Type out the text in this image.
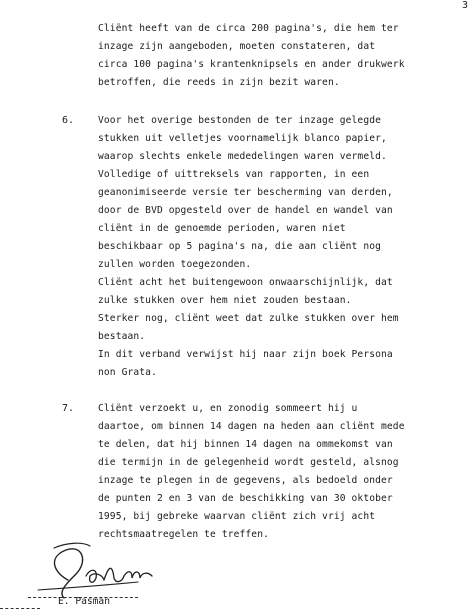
3
Cliënt heeft van de circa 200 pagina's, die hem ter
inzage zijn aangeboden, moeten constateren, dat
circa 100 pagina's krantenknipsels en ander drukwerk
betroffen, die reeds in zijn bezit waren.
6. Voor het overige bestonden de ter inzage gelegde
stukken uit velletjes voornamelijk blanco papier,
waarop slechts enkele mededelingen waren vermeld.
Volledige of uittreksels van rapporten, in een
geanonimiseerde versie ter bescherming van derden,
door de BVD opgesteld over de handel en wandel van
cliënt in de genoemde perioden, waren niet
beschikbaar op 5 pagina's na, die aan cliënt nog
zullen worden toegezonden.
Cliënt acht het buitengewoon onwaarschijnlijk, dat
zulke stukken over hem niet zouden bestaan.
Sterker nog, cliënt weet dat zulke stukken over hem
bestaan.
In dit verband verwijst hij naar zijn boek Persona
non Grata.
7. Cliënt verzoekt u, en zonodig sommeert hij u
daartoe, om binnen 14 dagen na heden aan cliënt mede
te delen, dat hij binnen 14 dagen na ommekomst van
die termijn in de gelegenheid wordt gesteld, alsnog
inzage te plegen in de gegevens, als bedoeld onder
de punten 2 en 3 van de beschikking van 30 oktober
1995, bij gebreke waarvan cliënt zich vrij acht
rechtsmaatregelen te treffen.
E. Pasman
